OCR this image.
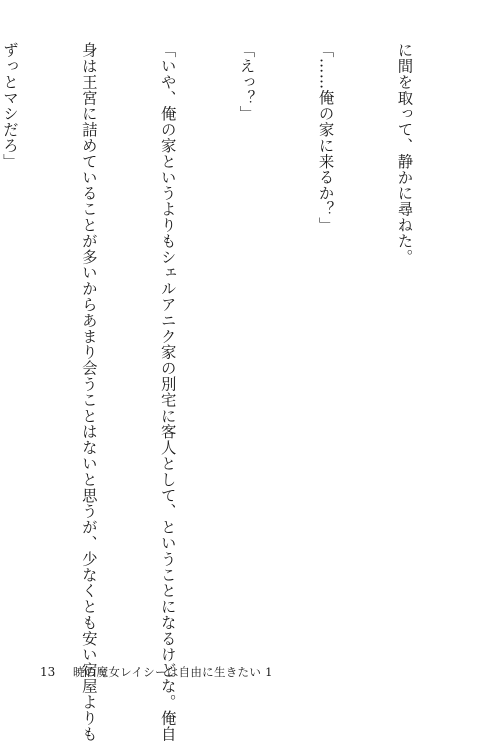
に間を取って、静かに尋ねた。

「……俺の家に来るか？」

「えっ？」

「いや、俺の家というよりもシェルアニク家の別宅に客人として、ということになるけどな。俺自

身は王宮に詰めていることが多いからあまり会うことはないと思うが、少なくとも安い宿屋よりも

ずっとマシだろ」

13 暁の魔女レイシーは自由に生きたい 1
